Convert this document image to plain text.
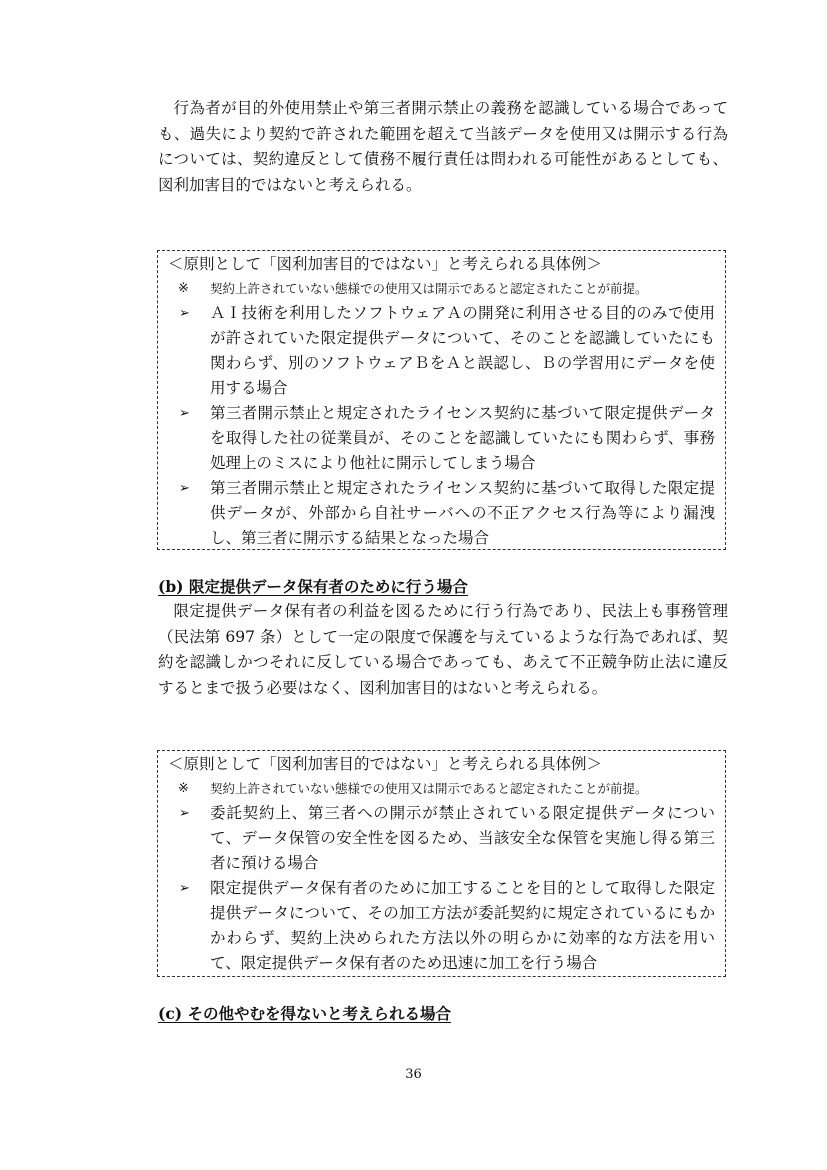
行為者が目的外使用禁止や第三者開示禁止の義務を認識している場合であっても、過失により契約で許された範囲を超えて当該データを使用又は開示する行為については、契約違反として債務不履行責任は問われる可能性があるとしても、図利加害目的ではないと考えられる。

＜原則として「図利加害目的ではない」と考えられる具体例＞

※ 契約上許されていない態様での使用又は開示であると認定されたことが前提。
➢ ＡＩ技術を利用したソフトウェアＡの開発に利用させる目的のみで使用が許されていた限定提供データについて、そのことを認識していたにも関わらず、別のソフトウェアＢをＡと誤認し、Ｂの学習用にデータを使用する場合
➢ 第三者開示禁止と規定されたライセンス契約に基づいて限定提供データを取得した社の従業員が、そのことを認識していたにも関わらず、事務処理上のミスにより他社に開示してしまう場合
➢ 第三者開示禁止と規定されたライセンス契約に基づいて取得した限定提供データが、外部から自社サーバへの不正アクセス行為等により漏洩し、第三者に開示する結果となった場合
(b) 限定提供データ保有者のために行う場合

限定提供データ保有者の利益を図るために行う行為であり、民法上も事務管理（民法第 697 条）として一定の限度で保護を与えているような行為であれば、契約を認識しかつそれに反している場合であっても、あえて不正競争防止法に違反するとまで扱う必要はなく、図利加害目的はないと考えられる。

＜原則として「図利加害目的ではない」と考えられる具体例＞

※ 契約上許されていない態様での使用又は開示であると認定されたことが前提。
➢ 委託契約上、第三者への開示が禁止されている限定提供データについて、データ保管の安全性を図るため、当該安全な保管を実施し得る第三者に預ける場合
➢ 限定提供データ保有者のために加工することを目的として取得した限定提供データについて、その加工方法が委託契約に規定されているにもかかわらず、契約上決められた方法以外の明らかに効率的な方法を用いて、限定提供データ保有者のため迅速に加工を行う場合
(c) その他やむを得ないと考えられる場合
36
